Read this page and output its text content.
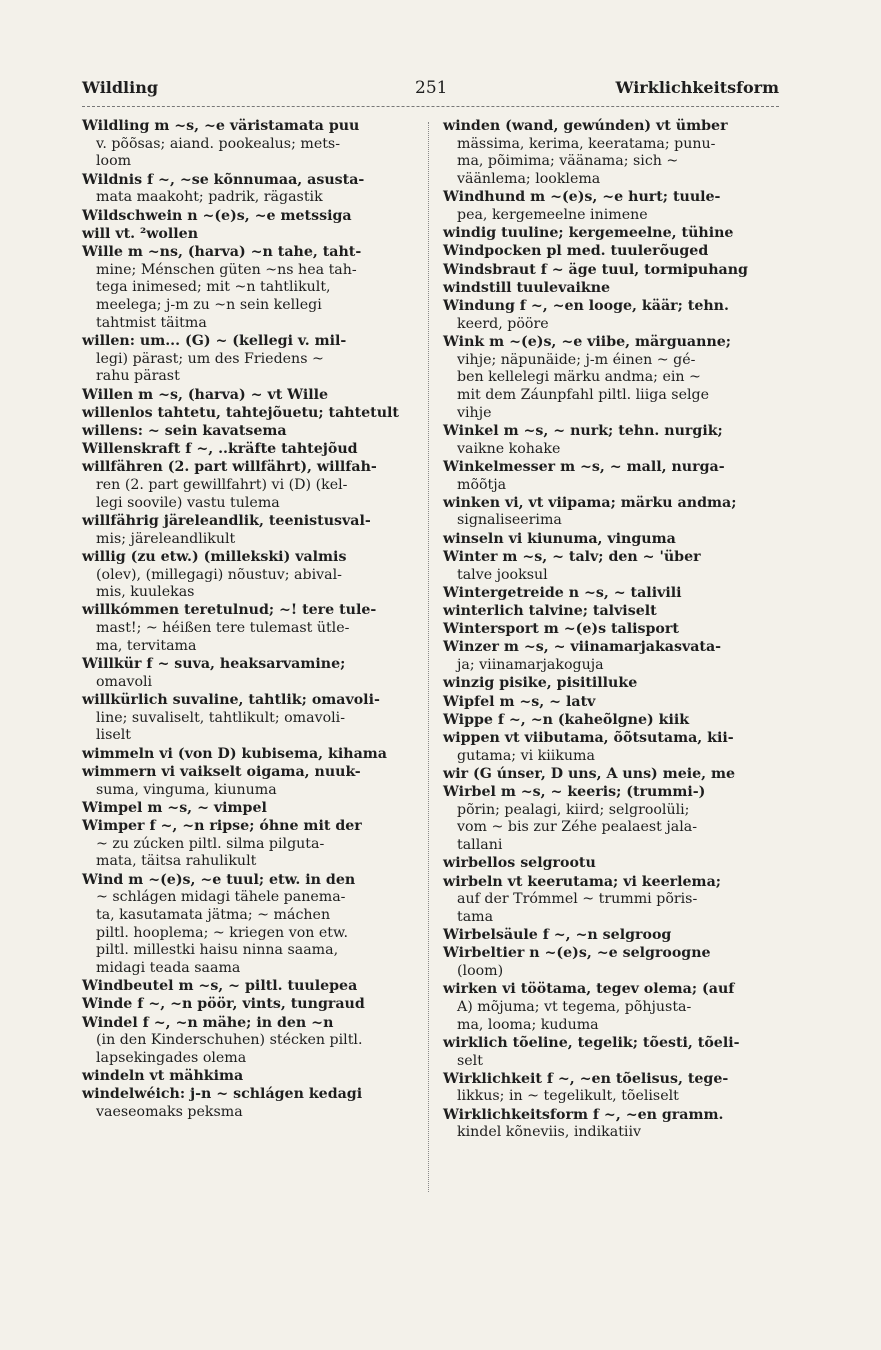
Wildling	251	Wirklichkeitsform
Wildling m ~s, ~e väristamata puu
v. põõsas; aiand. pookealus; mets-
loom
Wildnis f ~, ~se kõnnumaa, asusta-
mata maakoht; padrik, rägastik
Wildschwein n ~(e)s, ~e metssiga
will vt. ²wollen
Wille m ~ns, (harva) ~n tahe, taht-
mine; Ménschen güten ~ns hea tah-
tega inimesed; mit ~n tahtlikult,
meelega; j-m zu ~n sein kellegi
tahtmist täitma
willen: um... (G) ~ (kellegi v. mil-
legi) pärast; um des Friedens ~
rahu pärast
Willen m ~s, (harva) ~ vt Wille
willenlos tahtetu, tahtejõuetu; tahtetult
willens: ~ sein kavatsema
Willenskraft f ~, ..kräfte tahtejõud
willfähren (2. part willfährt), willfah-
ren (2. part gewillfahrt) vi (D) (kel-
legi soovile) vastu tulema
willfährig järeleandlik, teenistusval-
mis; järeleandlikult
willig (zu etw.) (millekski) valmis
(olev), (millegagi) nõustuv; abival-
mis, kuulekas
willkómmen teretulnud; ~! tere tule-
mast!; ~ héißen tere tulemast ütle-
ma, tervitama
Willkür f ~ suva, heaksarvamine;
omavoli
willkürlich suvaline, tahtlik; omavoli-
line; suvaliselt, tahtlikult; omavoli-
liselt
wimmeln vi (von D) kubisema, kihama
wimmern vi vaikselt oigama, nuuk-
suma, vinguma, kiunuma
Wimpel m ~s, ~ vimpel
Wimper f ~, ~n ripse; óhne mit der
~ zu zúcken piltl. silma pilguta-
mata, täitsa rahulikult
Wind m ~(e)s, ~e tuul; etw. in den
~ schlágen midagi tähele panema-
ta, kasutamata jätma; ~ máchen
piltl. hooplema; ~ kriegen von etw.
piltl. millestki haisu ninna saama,
midagi teada saama
Windbeutel m ~s, ~ piltl. tuulepea
Winde f ~, ~n pöör, vints, tungraud
Windel f ~, ~n mähe; in den ~n
(in den Kinderschuhen) stécken piltl.
lapsekingades olema
windeln vt mähkima
windelwéich: j-n ~ schlágen kedagi
vaeseomaks peksma
winden (wand, gewúnden) vt ümber
mässima, kerima, keeratama; punu-
ma, põimima; väänama; sich ~
väänlema; looklema
Windhund m ~(e)s, ~e hurt; tuule-
pea, kergemeelne inimene
windig tuuline; kergemeelne, tühine
Windpocken pl med. tuulerõuged
Windsbraut f ~ äge tuul, tormipuhang
windstill tuulevaikne
Windung f ~, ~en looge, käär; tehn.
keerd, pööre
Wink m ~(e)s, ~e viibe, märguanne;
vihje; näpunäide; j-m éinen ~ gé-
ben kellelegi märku andma; ein ~
mit dem Záunpfahl piltl. liiga selge
vihje
Winkel m ~s, ~ nurk; tehn. nurgik;
vaikne kohake
Winkelmesser m ~s, ~ mall, nurga-
mõõtja
winken vi, vt viipama; märku andma;
signaliseerima
winseln vi kiunuma, vinguma
Winter m ~s, ~ talv; den ~ 'über
talve jooksul
Wintergetreide n ~s, ~ talivili
winterlich talvine; talviselt
Wintersport m ~(e)s talisport
Winzer m ~s, ~ viinamarjakasvata-
ja; viinamarjakoguja
winzig pisike, pisitilluke
Wipfel m ~s, ~ latv
Wippe f ~, ~n (kaheõlgne) kiik
wippen vt viibutama, õõtsutama, kii-
gutama; vi kiikuma
wir (G únser, D uns, A uns) meie, me
Wirbel m ~s, ~ keeris; (trummi-)
põrin; pealagi, kiird; selgroolüli;
vom ~ bis zur Zéhe pealaest jala-
tallani
wirbellos selgrootu
wirbeln vt keerutama; vi keerlema;
auf der Trómmel ~ trummi põris-
tama
Wirbelsäule f ~, ~n selgroog
Wirbeltier n ~(e)s, ~e selgroogne
(loom)
wirken vi töötama, tegev olema; (auf
A) mõjuma; vt tegema, põhjusta-
ma, looma; kuduma
wirklich tõeline, tegelik; tõesti, tõeli-
selt
Wirklichkeit f ~, ~en tõelisus, tege-
likkus; in ~ tegelikult, tõeliselt
Wirklichkeitsform f ~, ~en gramm.
kindel kõneviis, indikatiiv
